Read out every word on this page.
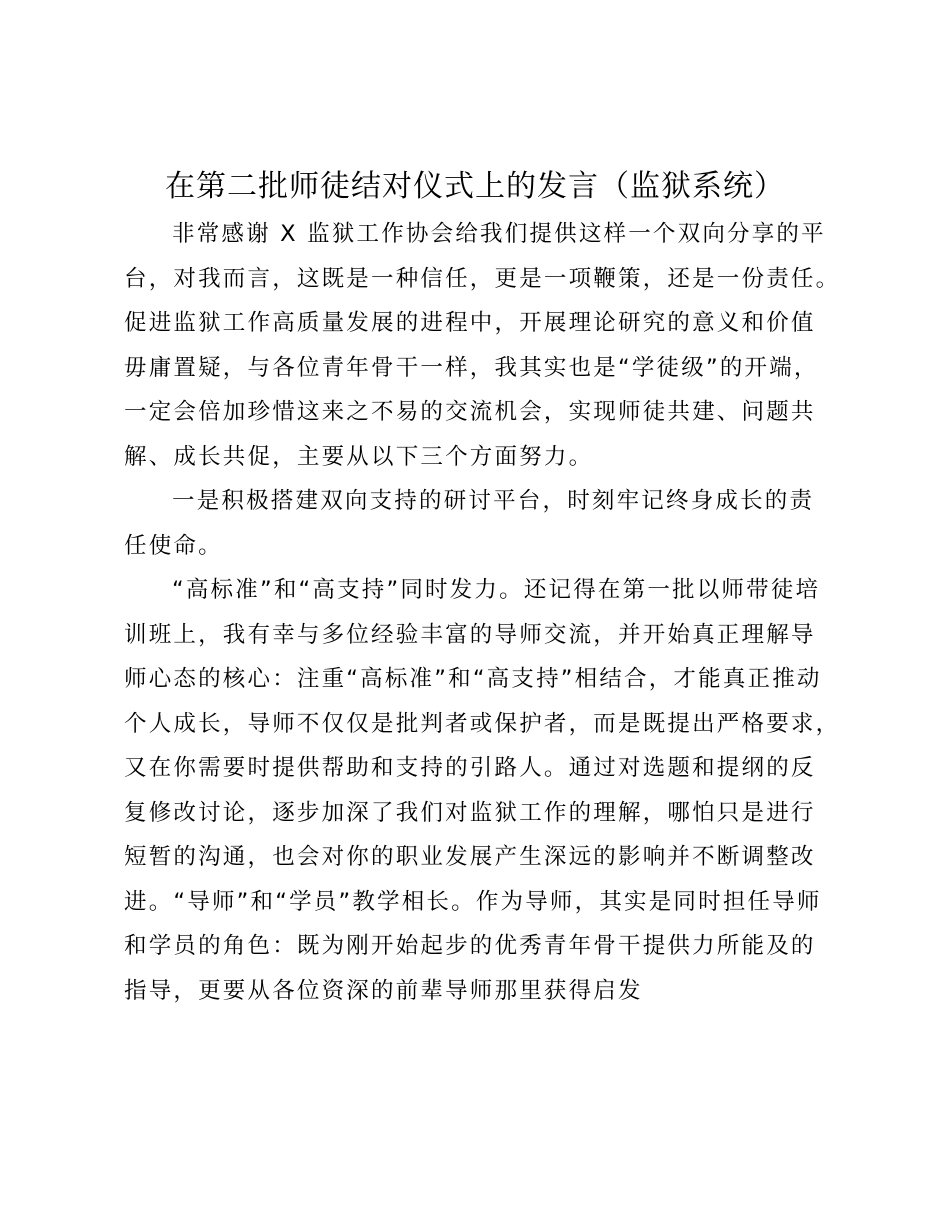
在第二批师徒结对仪式上的发言（监狱系统）

非常感谢 X 监狱工作协会给我们提供这样一个双向分享的平
台，对我而言，这既是一种信任，更是一项鞭策，还是一份责任。
促进监狱工作高质量发展的进程中，开展理论研究的意义和价值
毋庸置疑，与各位青年骨干一样，我其实也是“学徒级”的开端，
一定会倍加珍惜这来之不易的交流机会，实现师徒共建、问题共
解、成长共促，主要从以下三个方面努力。

一是积极搭建双向支持的研讨平台，时刻牢记终身成长的责
任使命。

“高标准”和“高支持”同时发力。还记得在第一批以师带徒培
训班上，我有幸与多位经验丰富的导师交流，并开始真正理解导
师心态的核心：注重“高标准”和“高支持”相结合，才能真正推动
个人成长，导师不仅仅是批判者或保护者，而是既提出严格要求，
又在你需要时提供帮助和支持的引路人。通过对选题和提纲的反
复修改讨论，逐步加深了我们对监狱工作的理解，哪怕只是进行
短暂的沟通，也会对你的职业发展产生深远的影响并不断调整改
进。“导师”和“学员”教学相长。作为导师，其实是同时担任导师
和学员的角色：既为刚开始起步的优秀青年骨干提供力所能及的
指导，更要从各位资深的前辈导师那里获得启发
